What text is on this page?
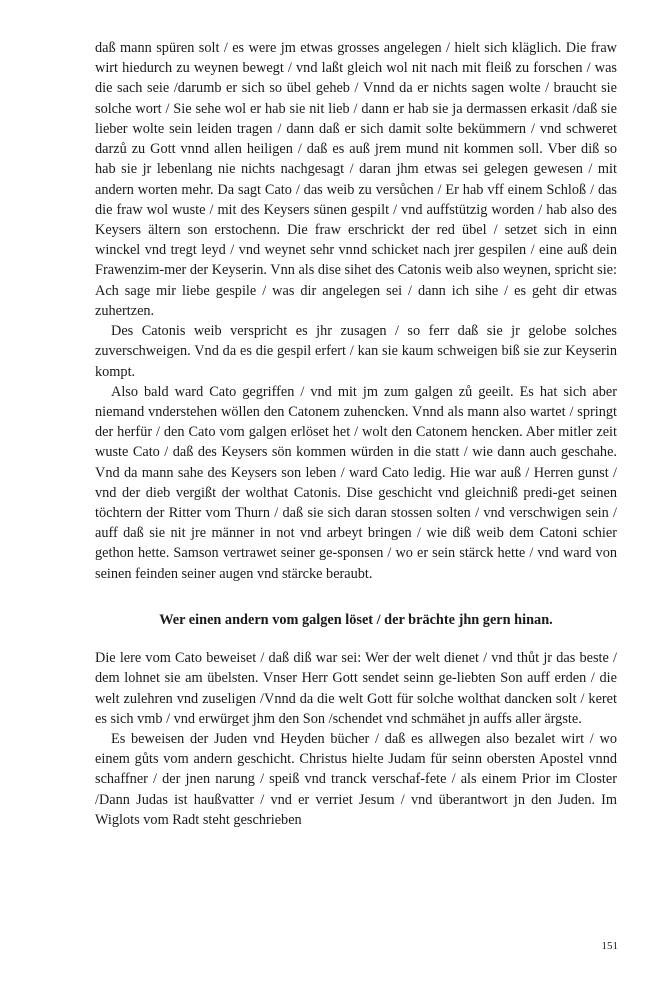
daß mann spüren solt / es were jm etwas grosses angelegen / hielt sich kläglich. Die fraw wirt hiedurch zu weynen bewegt / vnd laßt gleich wol nit nach mit fleiß zu forschen / was die sach seie /darumb er sich so übel geheb / Vnnd da er nichts sagen wolte / braucht sie solche wort / Sie sehe wol er hab sie nit lieb / dann er hab sie ja dermassen erkasit /daß sie lieber wolte sein leiden tragen / dann daß er sich damit solte bekümmern / vnd schweret darzů zu Gott vnnd allen heiligen / daß es auß jrem mund nit kommen soll. Vber diß so hab sie jr lebenlang nie nichts nachgesagt / daran jhm etwas sei gelegen gewesen / mit andern worten mehr. Da sagt Cato / das weib zu versůchen / Er hab vff einem Schloß / das die fraw wol wuste / mit des Keysers sünen gespilt / vnd auffstützig worden / hab also des Keysers ältern son erstochenn. Die fraw erschrickt der red übel / setzet sich in einn winckel vnd tregt leyd / vnd weynet sehr vnnd schicket nach jrer gespilen / eine auß dein Frawenzim-mer der Keyserin. Vnn als dise sihet des Catonis weib also weynen, spricht sie: Ach sage mir liebe gespile / was dir angelegen sei / dann ich sihe / es geht dir etwas zuhertzen.

Des Catonis weib verspricht es jhr zusagen / so ferr daß sie jr gelobe solches zuverschweigen. Vnd da es die gespil erfert / kan sie kaum schweigen biß sie zur Keyserin kompt.

Also bald ward Cato gegriffen / vnd mit jm zum galgen zů geeilt. Es hat sich aber niemand vnderstehen wöllen den Catonem zuhencken. Vnnd als mann also wartet / springt der herfür / den Cato vom galgen erlöset het / wolt den Catonem hencken. Aber mitler zeit wuste Cato / daß des Keysers sön kommen würden in die statt / wie dann auch geschahe. Vnd da mann sahe des Keysers son leben / ward Cato ledig. Hie war auß / Herren gunst / vnd der dieb vergißt der wolthat Catonis. Dise geschicht vnd gleichniß predi-get seinen töchtern der Ritter vom Thurn / daß sie sich daran stossen solten / vnd verschwigen sein / auff daß sie nit jre männer in not vnd arbeyt bringen / wie diß weib dem Catoni schier gethon hette. Samson vertrawet seiner ge-sponsen / wo er sein stärck hette / vnd ward von seinen feinden seiner augen vnd stärcke beraubt.

Wer einen andern vom galgen löset / der brächte jhn gern hinan.

Die lere vom Cato beweiset / daß diß war sei: Wer der welt dienet / vnd thůt jr das beste / dem lohnet sie am übelsten. Vnser Herr Gott sendet seinn ge-liebten Son auff erden / die welt zulehren vnd zuseligen /Vnnd da die welt Gott für solche wolthat dancken solt / keret es sich vmb / vnd erwürget jhm den Son /schendet vnd schmähet jn auffs aller ärgste.

Es beweisen der Juden vnd Heyden bücher / daß es allwegen also bezalet wirt / wo einem gůts vom andern geschicht. Christus hielte Judam für seinn obersten Apostel vnnd schaffner / der jnen narung / speiß vnd tranck verschaf-fete / als einem Prior im Closter /Dann Judas ist haußvatter / vnd er verriet Jesum / vnd überantwort jn den Juden. Im Wiglots vom Radt steht geschrieben

151
